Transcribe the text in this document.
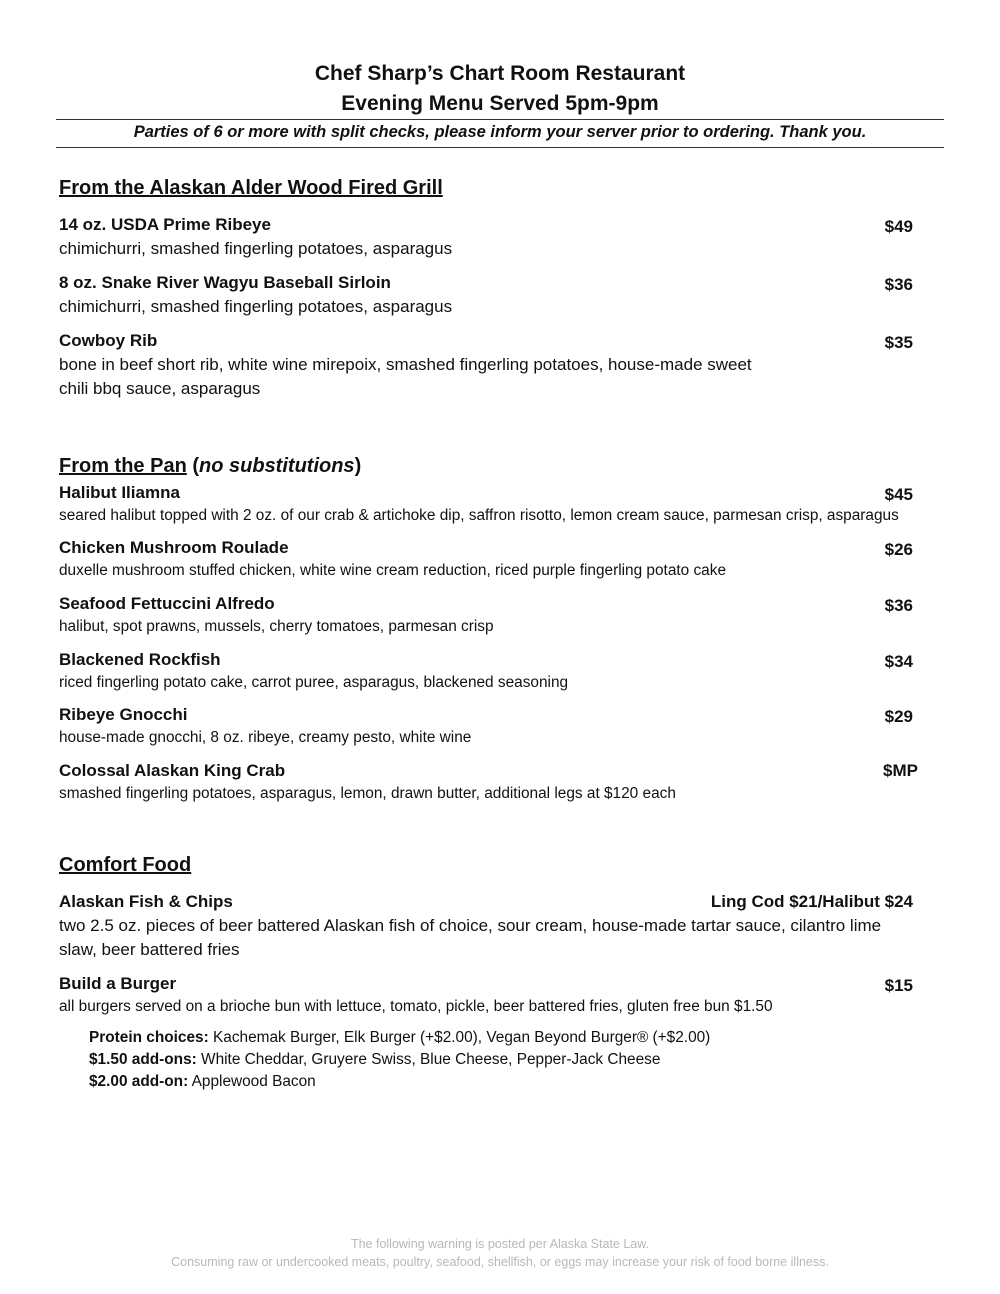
Chef Sharp’s Chart Room Restaurant
Evening Menu Served 5pm-9pm
Parties of 6 or more with split checks, please inform your server prior to ordering. Thank you.
From the Alaskan Alder Wood Fired Grill
14 oz. USDA Prime Ribeye	$49
chimichurri, smashed fingerling potatoes, asparagus
8 oz. Snake River Wagyu Baseball Sirloin	$36
chimichurri, smashed fingerling potatoes, asparagus
Cowboy Rib	$35
bone in beef short rib, white wine mirepoix, smashed fingerling potatoes, house-made sweet
chili bbq sauce, asparagus
From the Pan (no substitutions)
Halibut Iliamna	$45
seared halibut topped with 2 oz. of our crab & artichoke dip, saffron risotto, lemon cream sauce, parmesan crisp, asparagus
Chicken Mushroom Roulade	$26
duxelle mushroom stuffed chicken, white wine cream reduction, riced purple fingerling potato cake
Seafood Fettuccini Alfredo	$36
halibut, spot prawns, mussels, cherry tomatoes, parmesan crisp
Blackened Rockfish	$34
riced fingerling potato cake, carrot puree, asparagus, blackened seasoning
Ribeye Gnocchi	$29
house-made gnocchi, 8 oz. ribeye, creamy pesto, white wine
Colossal Alaskan King Crab	$MP
smashed fingerling potatoes, asparagus, lemon, drawn butter, additional legs at $120 each
Comfort Food
Alaskan Fish & Chips	Ling Cod $21/Halibut $24
two 2.5 oz. pieces of beer battered Alaskan fish of choice, sour cream, house-made tartar sauce, cilantro lime
slaw, beer battered fries
Build a Burger	$15
all burgers served on a brioche bun with lettuce, tomato, pickle, beer battered fries, gluten free bun $1.50
Protein choices: Kachemak Burger, Elk Burger (+$2.00), Vegan Beyond Burger® (+$2.00)
$1.50 add-ons: White Cheddar, Gruyere Swiss, Blue Cheese, Pepper-Jack Cheese
$2.00 add-on: Applewood Bacon
The following warning is posted per Alaska State Law.
Consuming raw or undercooked meats, poultry, seafood, shellfish, or eggs may increase your risk of food borne illness.
